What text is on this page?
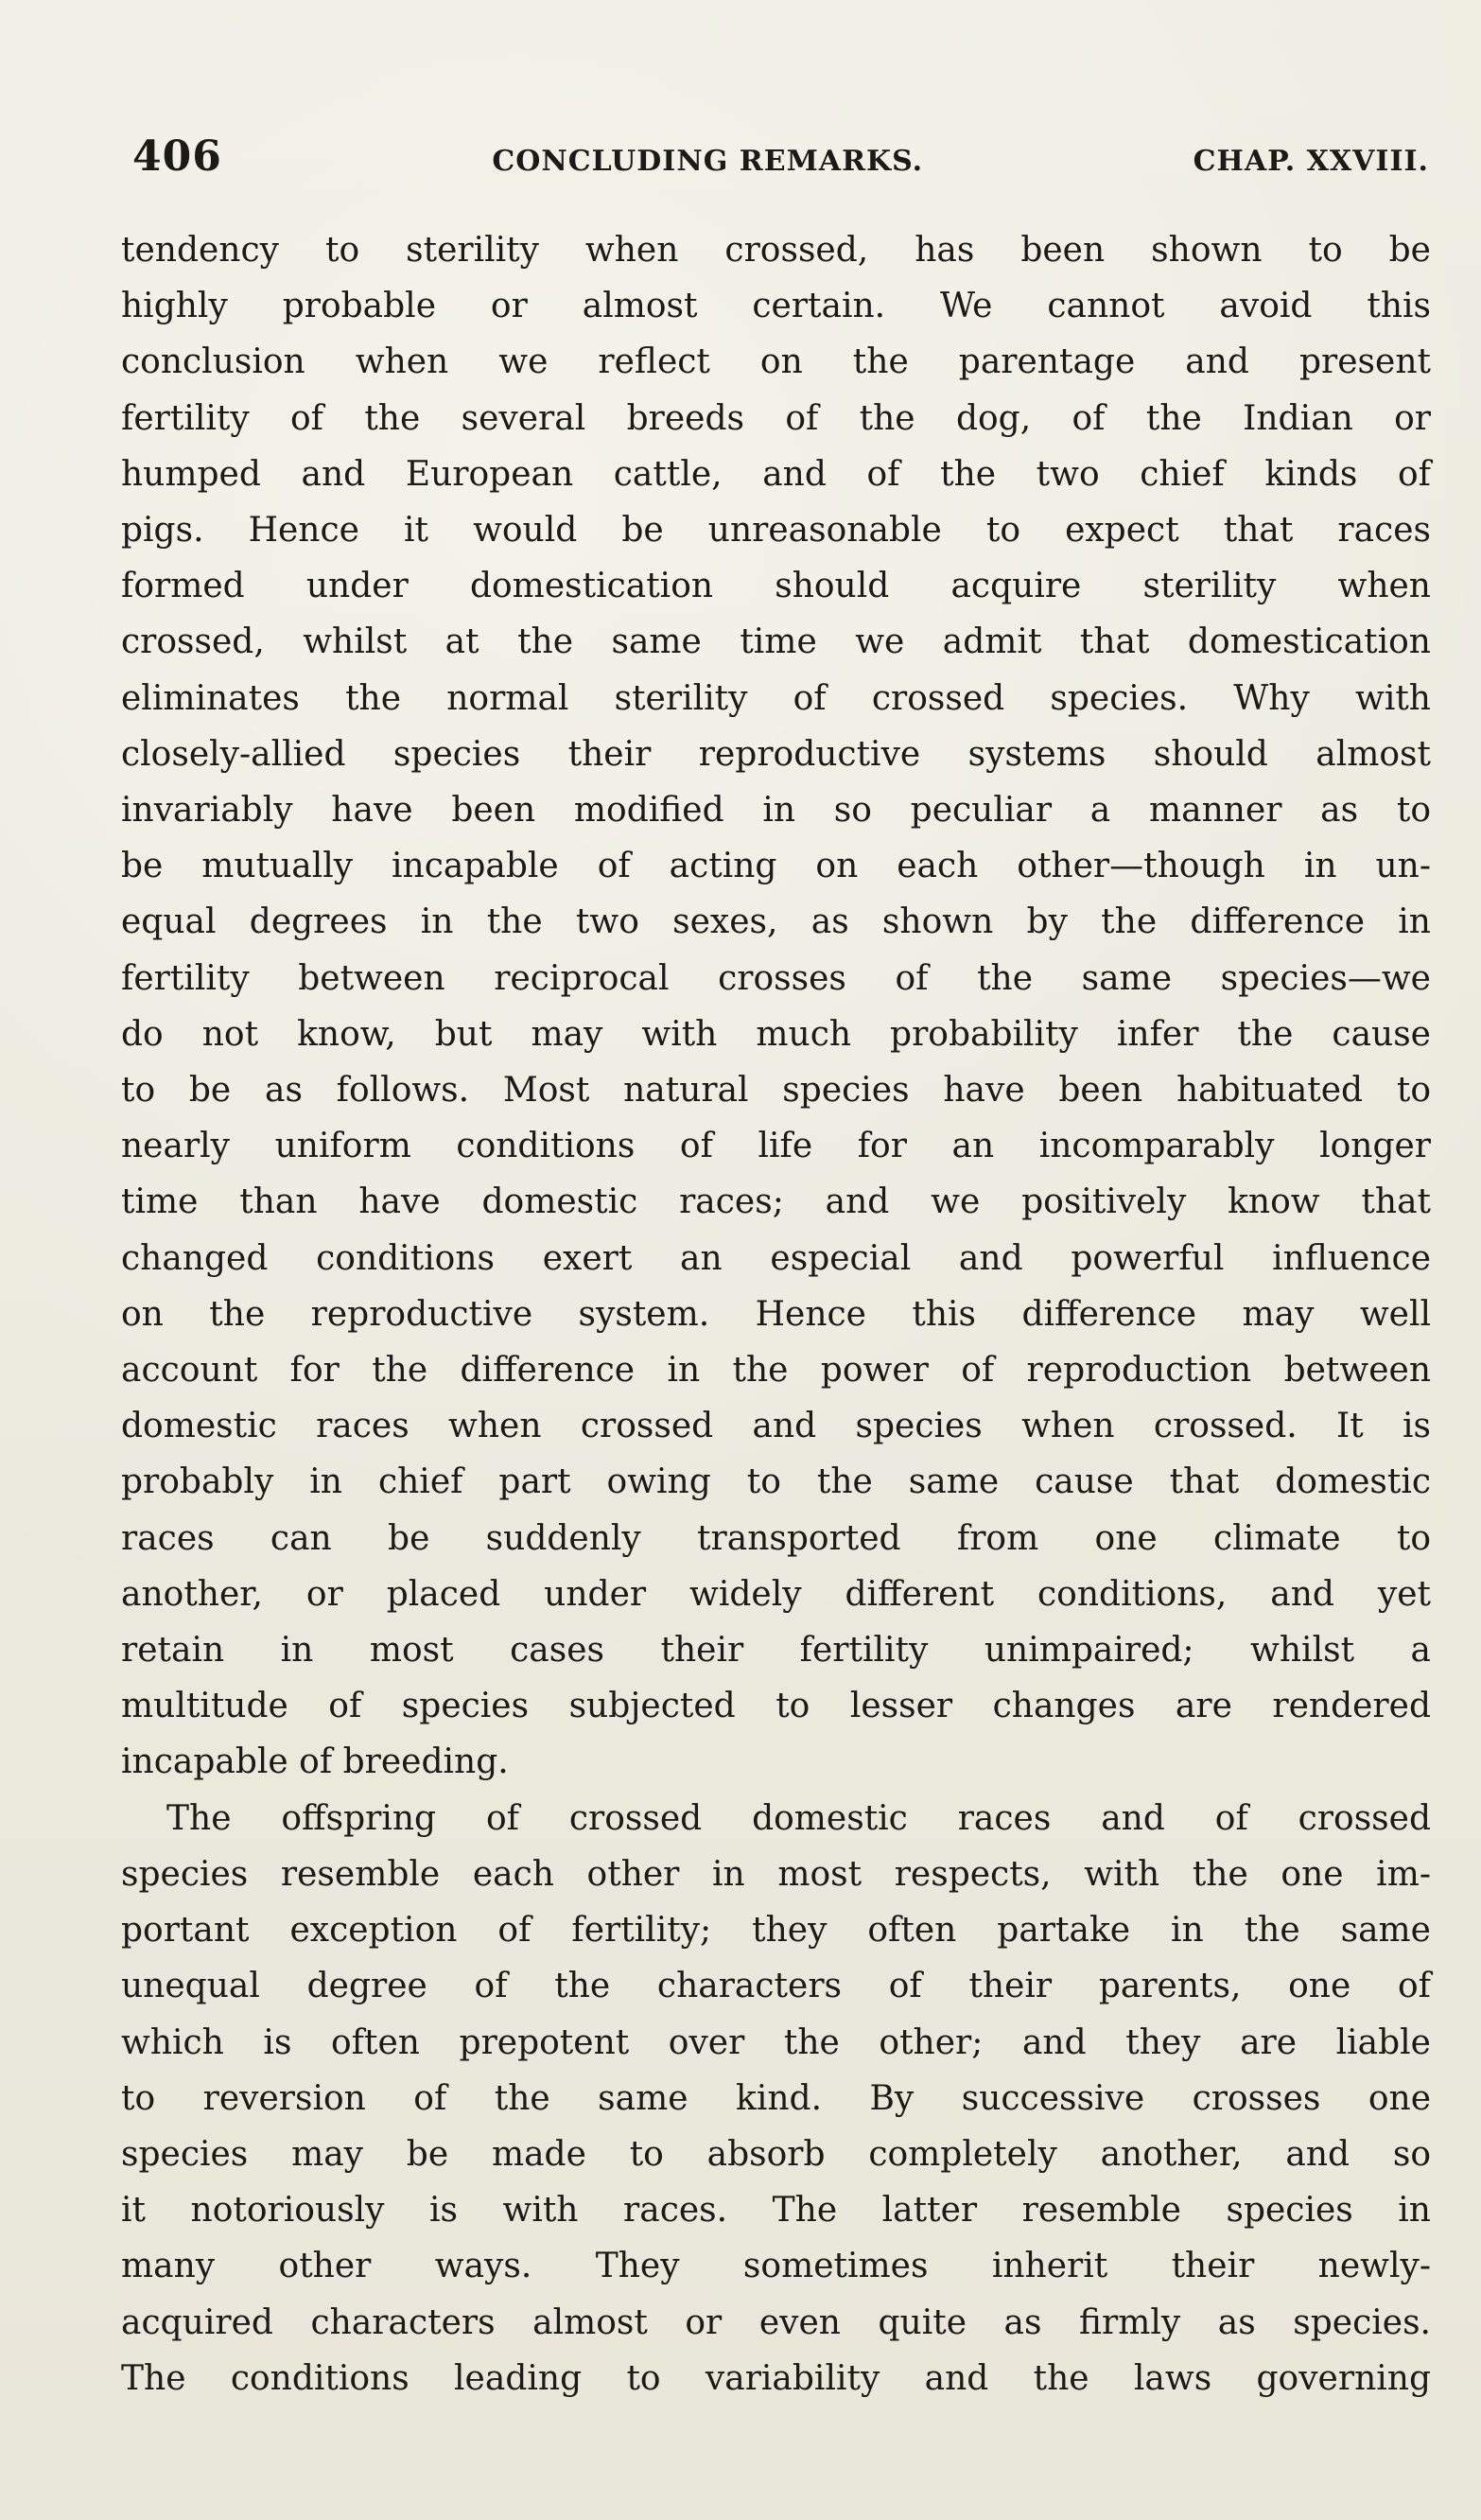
406	CONCLUDING REMARKS.	CHAP. XXVIII.
tendency to sterility when crossed, has been shown to be
highly probable or almost certain. We cannot avoid this
conclusion when we reflect on the parentage and present
fertility of the several breeds of the dog, of the Indian or
humped and European cattle, and of the two chief kinds of
pigs. Hence it would be unreasonable to expect that races
formed under domestication should acquire sterility when
crossed, whilst at the same time we admit that domestication
eliminates the normal sterility of crossed species. Why with
closely-allied species their reproductive systems should almost
invariably have been modified in so peculiar a manner as to
be mutually incapable of acting on each other—though in un-
equal degrees in the two sexes, as shown by the difference in
fertility between reciprocal crosses of the same species—we
do not know, but may with much probability infer the cause
to be as follows. Most natural species have been habituated to
nearly uniform conditions of life for an incomparably longer
time than have domestic races; and we positively know that
changed conditions exert an especial and powerful influence
on the reproductive system. Hence this difference may well
account for the difference in the power of reproduction between
domestic races when crossed and species when crossed. It is
probably in chief part owing to the same cause that domestic
races can be suddenly transported from one climate to
another, or placed under widely different conditions, and yet
retain in most cases their fertility unimpaired; whilst a
multitude of species subjected to lesser changes are rendered
incapable of breeding.
The offspring of crossed domestic races and of crossed
species resemble each other in most respects, with the one im-
portant exception of fertility; they often partake in the same
unequal degree of the characters of their parents, one of
which is often prepotent over the other; and they are liable
to reversion of the same kind. By successive crosses one
species may be made to absorb completely another, and so
it notoriously is with races. The latter resemble species in
many other ways. They sometimes inherit their newly-
acquired characters almost or even quite as firmly as species.
The conditions leading to variability and the laws governing
